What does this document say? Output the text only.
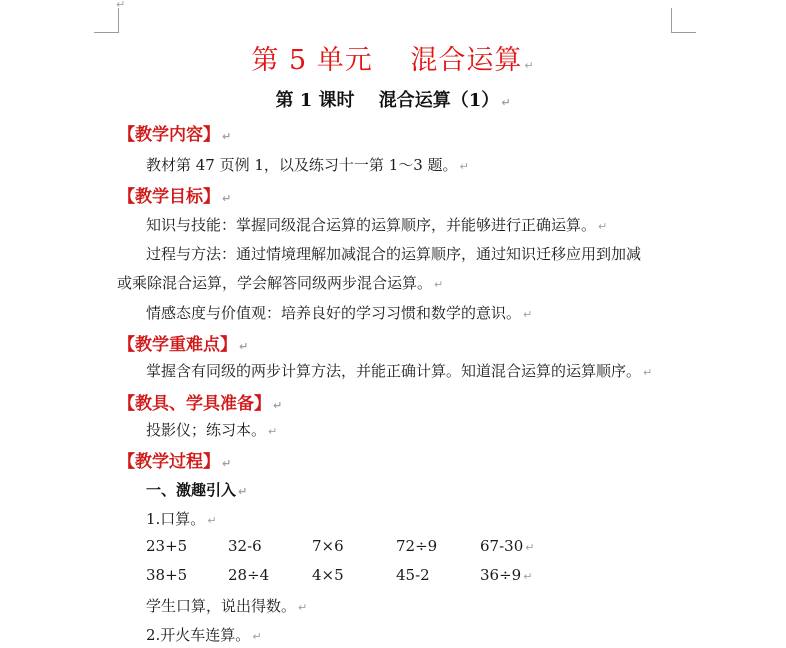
↵
第 5 单元　 混合运算 ↵
第 1 课时　 混合运算（1） ↵
【教学内容】 ↵
教材第 47 页例 1，以及练习十一第 1～3 题。 ↵
【教学目标】 ↵
知识与技能：掌握同级混合运算的运算顺序，并能够进行正确运算。 ↵
过程与方法：通过情境理解加减混合的运算顺序，通过知识迁移应用到加减
或乘除混合运算，学会解答同级两步混合运算。 ↵
情感态度与价值观：培养良好的学习习惯和数学的意识。 ↵
【教学重难点】 ↵
掌握含有同级的两步计算方法，并能正确计算。知道混合运算的运算顺序。 ↵
【教具、学具准备】 ↵
投影仪；练习本。 ↵
【教学过程】 ↵
一、激趣引入 ↵
1.口算。 ↵
23+5	32-6	7×6	72÷9	67-30 ↵
38+5	28÷4	4×5	45-2	36÷9 ↵
学生口算，说出得数。 ↵
2.开火车连算。 ↵
